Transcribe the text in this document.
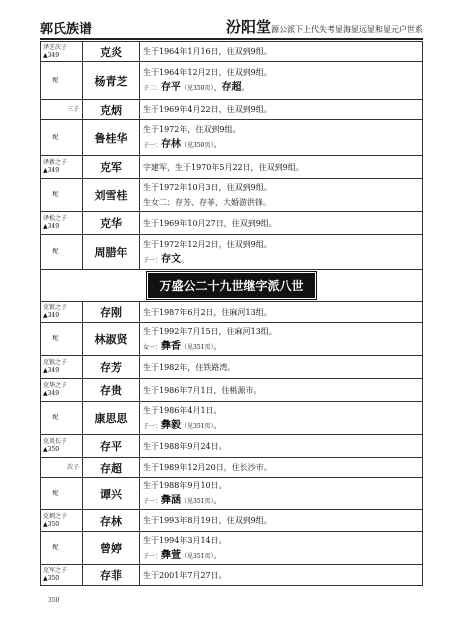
郭氏族谱	汾阳堂源公派下上代失考显海显远显和显元户世系
泽芝次子
▲349	克炎	生于1964年1月16日，住双到9组。

配	杨青芝	生于1964年12月2日，住双到9组。
子二：存平（见350页）、存超。

三子	克炳	生于1969年4月22日，住双到9组。

配	鲁桂华	生于1972年，住双到9组。
子一：存林（见350页）。

泽新之子
▲349	克军	字建军，生于1970年5月22日，住双到9组。

配	刘雪桂	生于1972年10月3日，住双到9组。
生女二：存芳、存菲，大婚游洪锋。

泽松之子
▲349	克华	生于1969年10月27日，住双到9组。

配	周腊年	生于1972年12月2日，住双到9组。
子一：存文。

万盛公二十九世继字派八世		

克银之子
▲349	存刚	生于1987年6月2日，住麻河13组。

配	林淑贤	生于1992年7月15日，住麻河13组。
女一：彝香（见351页）。

克银之子
▲349	存芳	生于1982年，住铁路湾。

克华之子
▲349	存贵	生于1986年7月1日，住桃源市。

配	康思思	生于1986年4月1日。
子一：彝毅（见351页）。

克炎长子
▲350	存平	生于1988年9月24日。

次子	存超	生于1989年12月20日，住长沙市。

配	谭兴	生于1988年9月10日。
子一：彝涵（见351页）。

克炳之子
▲350	存林	生于1993年8月19日，住双到9组。

配	曾婷	生于1994年3月14日。
子一：彝萱（见351页）。

克军之子
▲350	存菲	生于2001年7月27日。
350
